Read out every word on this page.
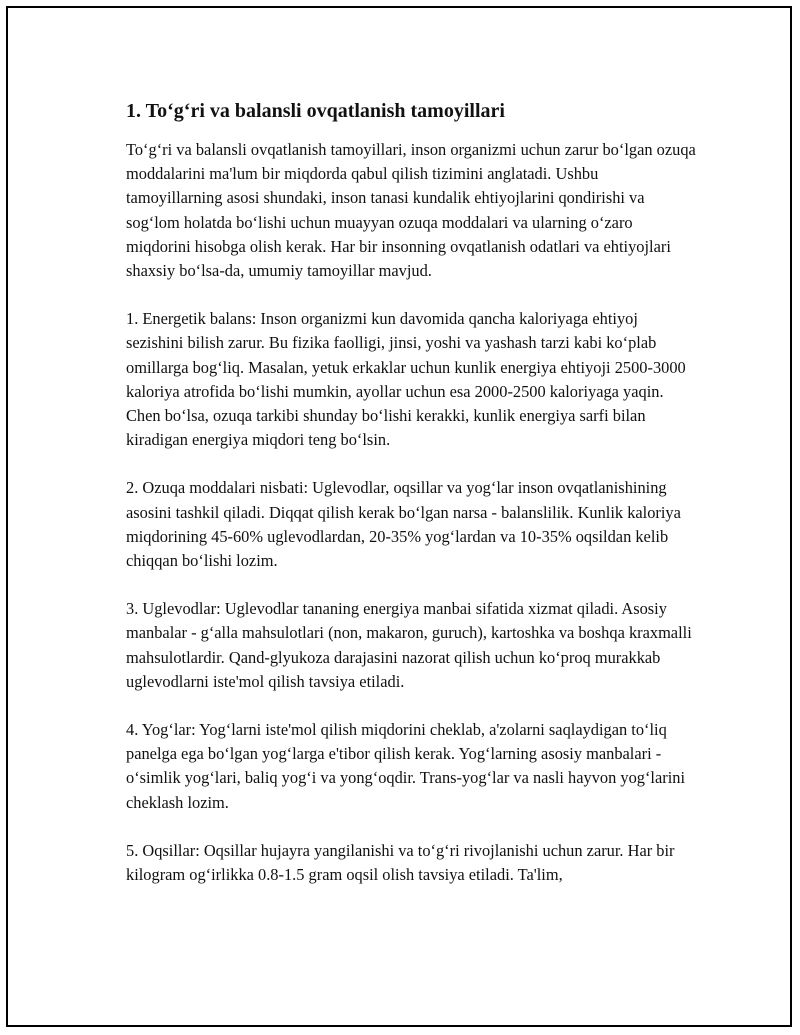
1. To‘g‘ri va balansli ovqatlanish tamoyillari

To‘g‘ri va balansli ovqatlanish tamoyillari, inson organizmi uchun zarur bo‘lgan ozuqa moddalarini ma'lum bir miqdorda qabul qilish tizimini anglatadi. Ushbu tamoyillarning asosi shundaki, inson tanasi kundalik ehtiyojlarini qondirishi va sog‘lom holatda bo‘lishi uchun muayyan ozuqa moddalari va ularning o‘zaro miqdorini hisobga olish kerak. Har bir insonning ovqatlanish odatlari va ehtiyojlari shaxsiy bo‘lsa-da, umumiy tamoyillar mavjud.

1. Energetik balans: Inson organizmi kun davomida qancha kaloriyaga ehtiyoj sezishini bilish zarur. Bu fizika faolligi, jinsi, yoshi va yashash tarzi kabi ko‘plab omillarga bog‘liq. Masalan, yetuk erkaklar uchun kunlik energiya ehtiyoji 2500-3000 kaloriya atrofida bo‘lishi mumkin, ayollar uchun esa 2000-2500 kaloriyaga yaqin. Chen bo‘lsa, ozuqa tarkibi shunday bo‘lishi kerakki, kunlik energiya sarfi bilan kiradigan energiya miqdori teng bo‘lsin.

2. Ozuqa moddalari nisbati: Uglevodlar, oqsillar va yog‘lar inson ovqatlanishining asosini tashkil qiladi. Diqqat qilish kerak bo‘lgan narsa - balanslilik. Kunlik kaloriya miqdorining 45-60% uglevodlardan, 20-35% yog‘lardan va 10-35% oqsildan kelib chiqqan bo‘lishi lozim.

3. Uglevodlar: Uglevodlar tananing energiya manbai sifatida xizmat qiladi. Asosiy manbalar - g‘alla mahsulotlari (non, makaron, guruch), kartoshka va boshqa kraxmalli mahsulotlardir. Qand-glyukoza darajasini nazorat qilish uchun ko‘proq murakkab uglevodlarni iste'mol qilish tavsiya etiladi.

4. Yog‘lar: Yog‘larni iste'mol qilish miqdorini cheklab, a'zolarni saqlaydigan to‘liq panelga ega bo‘lgan yog‘larga e'tibor qilish kerak. Yog‘larning asosiy manbalari - o‘simlik yog‘lari, baliq yog‘i va yong‘oqdir. Trans-yog‘lar va nasli hayvon yog‘larini cheklash lozim.

5. Oqsillar: Oqsillar hujayra yangilanishi va to‘g‘ri rivojlanishi uchun zarur. Har bir kilogram og‘irlikka 0.8-1.5 gram oqsil olish tavsiya etiladi. Ta'lim,
